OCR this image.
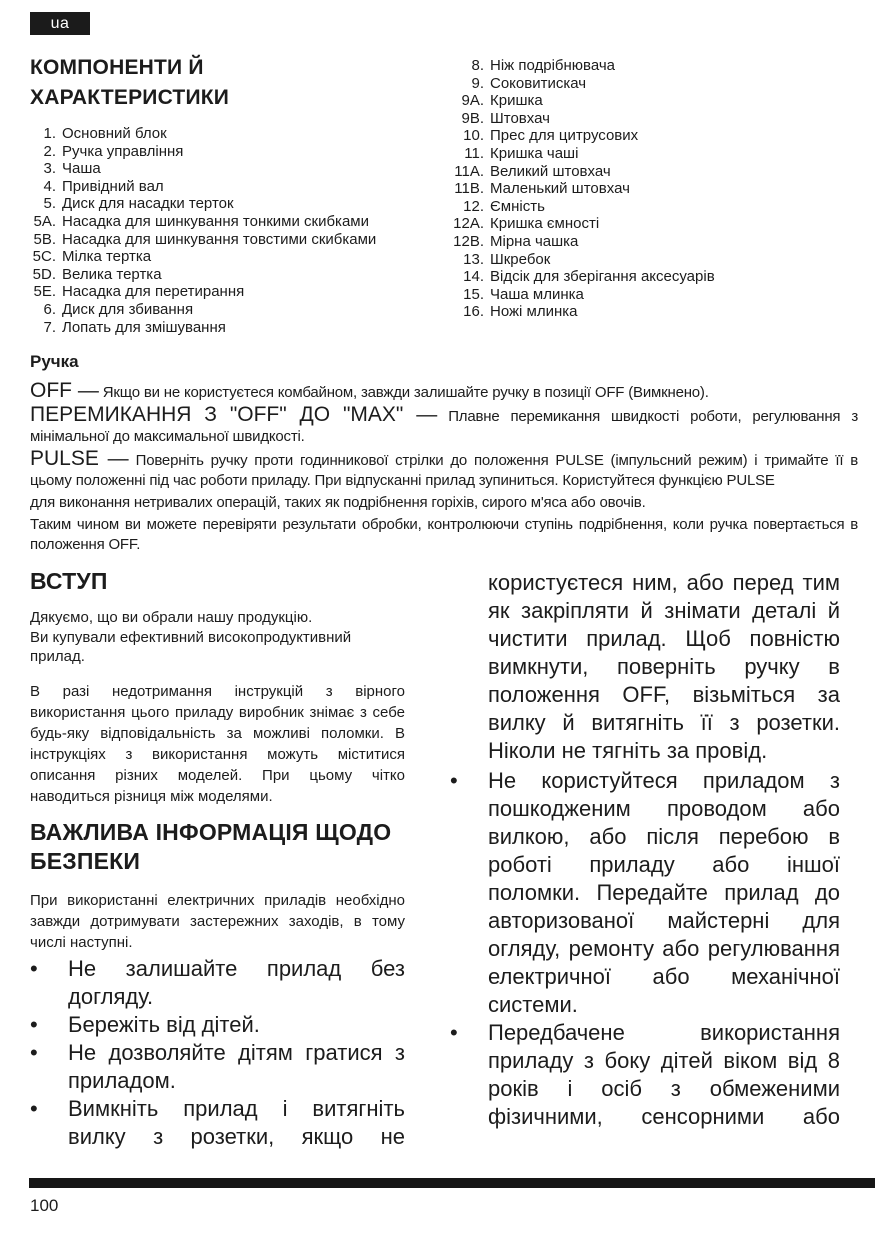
ua
КОМПОНЕНТИ Й ХАРАКТЕРИСТИКИ
1. Основний блок
2. Ручка управління
3. Чаша
4. Привідний вал
5. Диск для насадки терток
5A. Насадка для шинкування тонкими скибками
5B. Насадка для шинкування товстими скибками
5C. Мілка тертка
5D. Велика тертка
5E. Насадка для перетирання
6. Диск для збивання
7. Лопать для змішування
8. Ніж подрібнювача
9. Соковитискач
9A. Кришка
9B. Штовхач
10. Прес для цитрусових
11. Кришка чаші
11A. Великий штовхач
11B. Маленький штовхач
12. Ємність
12A. Кришка ємності
12B. Мірна чашка
13. Шкребок
14. Відсік для зберігання аксесуарів
15. Чаша млинка
16. Ножі млинка
Ручка

OFF — Якщо ви не користуєтеся комбайном, завжди залишайте ручку в позиції OFF (Вимкнено).

ПЕРЕМИКАННЯ З "OFF" ДО "MAX" — Плавне перемикання швидкості роботи, регулювання з мінімальної до максимальної швидкості.

PULSE — Поверніть ручку проти годинникової стрілки до положення PULSE (імпульсний режим) і тримайте її в цьому положенні під час роботи приладу. При відпусканні прилад зупиниться. Користуйтеся функцією PULSE

для виконання нетривалих операцій, таких як подрібнення горіхів, сирого м'яса або овочів.

Таким чином ви можете перевіряти результати обробки, контролюючи ступінь подрібнення, коли ручка повертається в положення OFF.

ВСТУП
Дякуємо, що ви обрали нашу продукцію.
Ви купували ефективний високопродуктивний прилад.

В разі недотримання інструкцій з вірного використання цього приладу виробник знімає з себе будь-яку відповідальність за можливі поломки. В інструкціях з використання можуть міститися описання різних моделей. При цьому чітко наводиться різниця між моделями.

ВАЖЛИВА ІНФОРМАЦІЯ ЩОДО БЕЗПЕКИ

При використанні електричних приладів необхідно завжди дотримувати застережних заходів, в тому числі наступні.

•	Не залишайте прилад без догляду.
•	Бережіть від дітей.
•	Не дозволяйте дітям гратися з приладом.
•	Вимкніть прилад і витягніть вилку з розетки, якщо не

користуєтеся ним, або перед тим як закріпляти й знімати деталі й чистити прилад. Щоб повністю вимкнути, поверніть ручку в положення OFF, візьміться за вилку й витягніть її з розетки. Ніколи не тягніть за провід.

•	Не користуйтеся приладом з пошкодженим проводом або вилкою, або після перебою в роботі приладу або іншої поломки. Передайте прилад до авторизованої майстерні для огляду, ремонту або регулювання електричної або механічної системи.
•	Передбачене використання приладу з боку дітей віком від 8 років і осіб з обмеженими фізичними, сенсорними або
100
